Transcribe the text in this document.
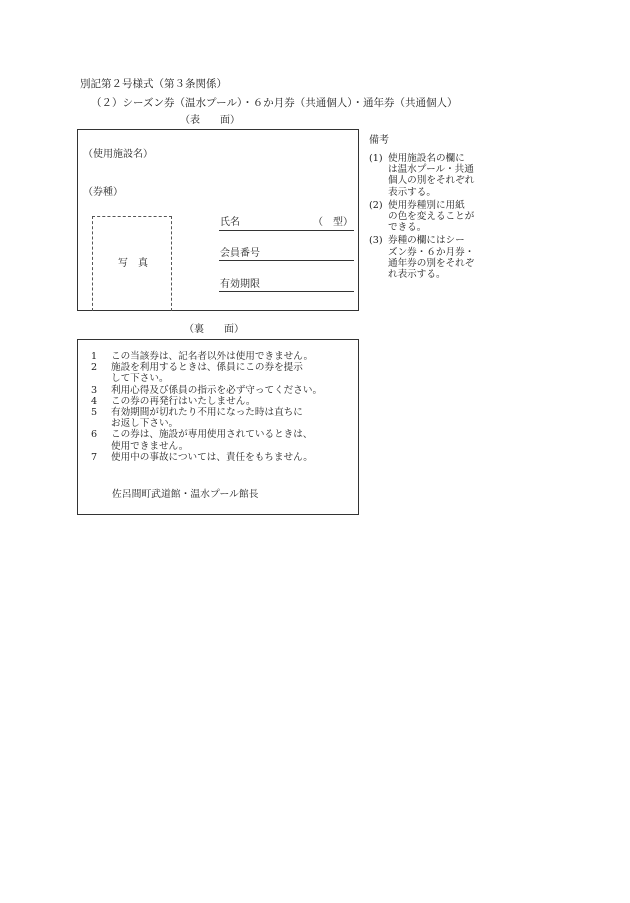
別記第２号様式（第３条関係）
（２）シーズン券（温水プール）・６か月券（共通個人）・通年券（共通個人）
（表　　面）
（使用施設名）
（券種）
写　真
氏名	（　型）
会員番号
有効期限
備考
(1) 使用施設名の欄に
は温水プール・共通
個人の別をそれぞれ
表示する。
(2) 使用券種別に用紙
の色を変えることが
できる。
(3) 券種の欄にはシー
ズン券・６か月券・
通年券の別をそれぞ
れ表示する。
（裏　　面）
1	この当該券は、記名者以外は使用できません。
2	施設を利用するときは、係員にこの券を提示
して下さい。
3	利用心得及び係員の指示を必ず守ってください。
4	この券の再発行はいたしません。
5	有効期間が切れたり不用になった時は直ちに
お返し下さい。
6	この券は、施設が専用使用されているときは、
使用できません。
7	使用中の事故については、責任をもちません。
佐呂間町武道館・温水プール館長
